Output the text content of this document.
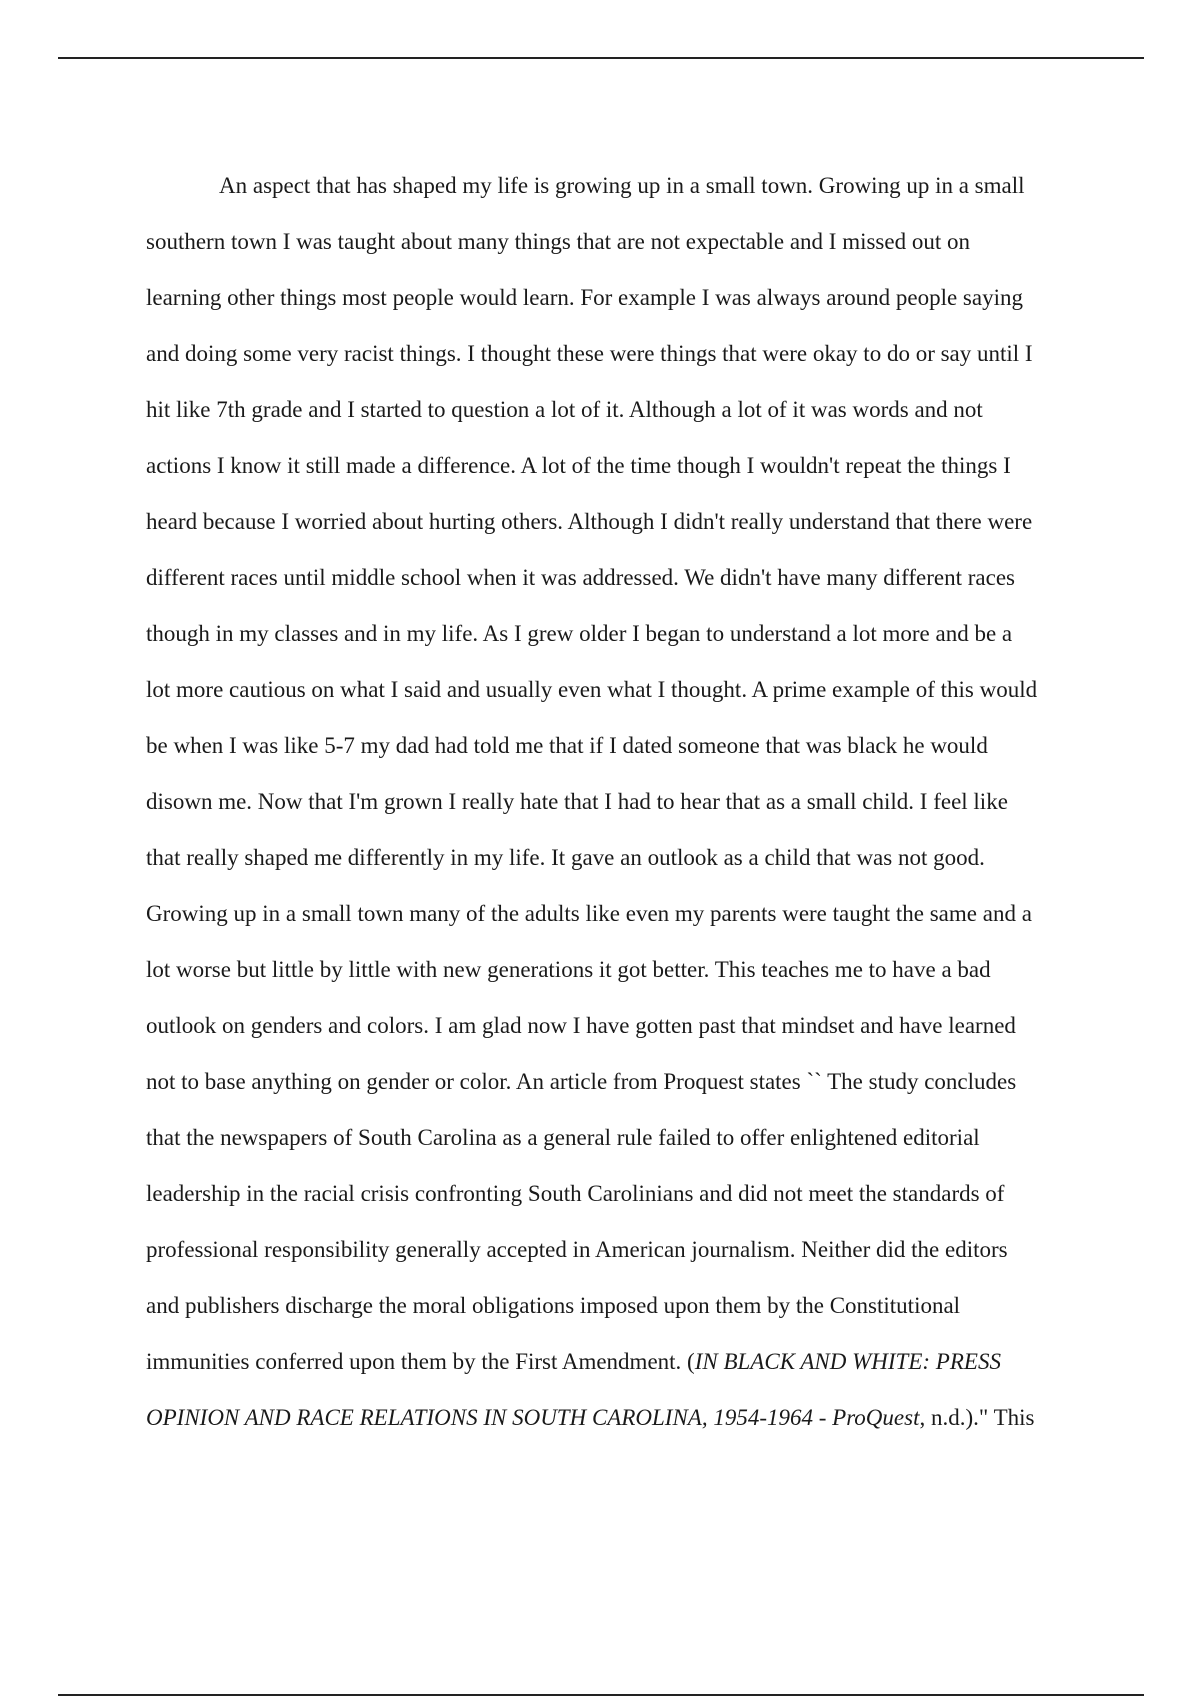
An aspect that has shaped my life is growing up in a small town. Growing up in a small
southern town I was taught about many things that are not expectable and I missed out on
learning other things most people would learn. For example I was always around people saying
and doing some very racist things. I thought these were things that were okay to do or say until I
hit like 7th grade and I started to question a lot of it. Although a lot of it was words and not
actions I know it still made a difference. A lot of the time though I wouldn't repeat the things I
heard because I worried about hurting others. Although I didn't really understand that there were
different races until middle school when it was addressed. We didn't have many different races
though in my classes and in my life. As I grew older I began to understand a lot more and be a
lot more cautious on what I said and usually even what I thought. A prime example of this would
be when I was like 5-7 my dad had told me that if I dated someone that was black he would
disown me. Now that I'm grown I really hate that I had to hear that as a small child. I feel like
that really shaped me differently in my life. It gave an outlook as a child that was not good.
Growing up in a small town many of the adults like even my parents were taught the same and a
lot worse but little by little with new generations it got better. This teaches me to have a bad
outlook on genders and colors. I am glad now I have gotten past that mindset and have learned
not to base anything on gender or color. An article from Proquest states `` The study concludes
that the newspapers of South Carolina as a general rule failed to offer enlightened editorial
leadership in the racial crisis confronting South Carolinians and did not meet the standards of
professional responsibility generally accepted in American journalism. Neither did the editors
and publishers discharge the moral obligations imposed upon them by the Constitutional
immunities conferred upon them by the First Amendment. (IN BLACK AND WHITE: PRESS
OPINION AND RACE RELATIONS IN SOUTH CAROLINA, 1954-1964 - ProQuest, n.d.)." This
